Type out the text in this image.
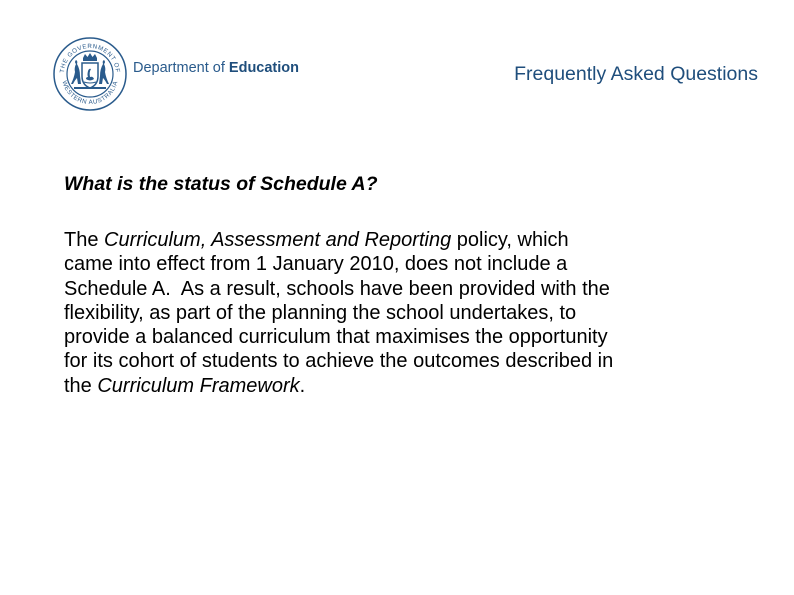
THE GOVERNMENT OF
WESTERN AUSTRALIA
Department of Education	Frequently Asked Questions
What is the status of Schedule A?
The Curriculum, Assessment and Reporting policy, which
came into effect from 1 January 2010, does not include a
Schedule A.  As a result, schools have been provided with the
flexibility, as part of the planning the school undertakes, to
provide a balanced curriculum that maximises the opportunity
for its cohort of students to achieve the outcomes described in
the Curriculum Framework.
